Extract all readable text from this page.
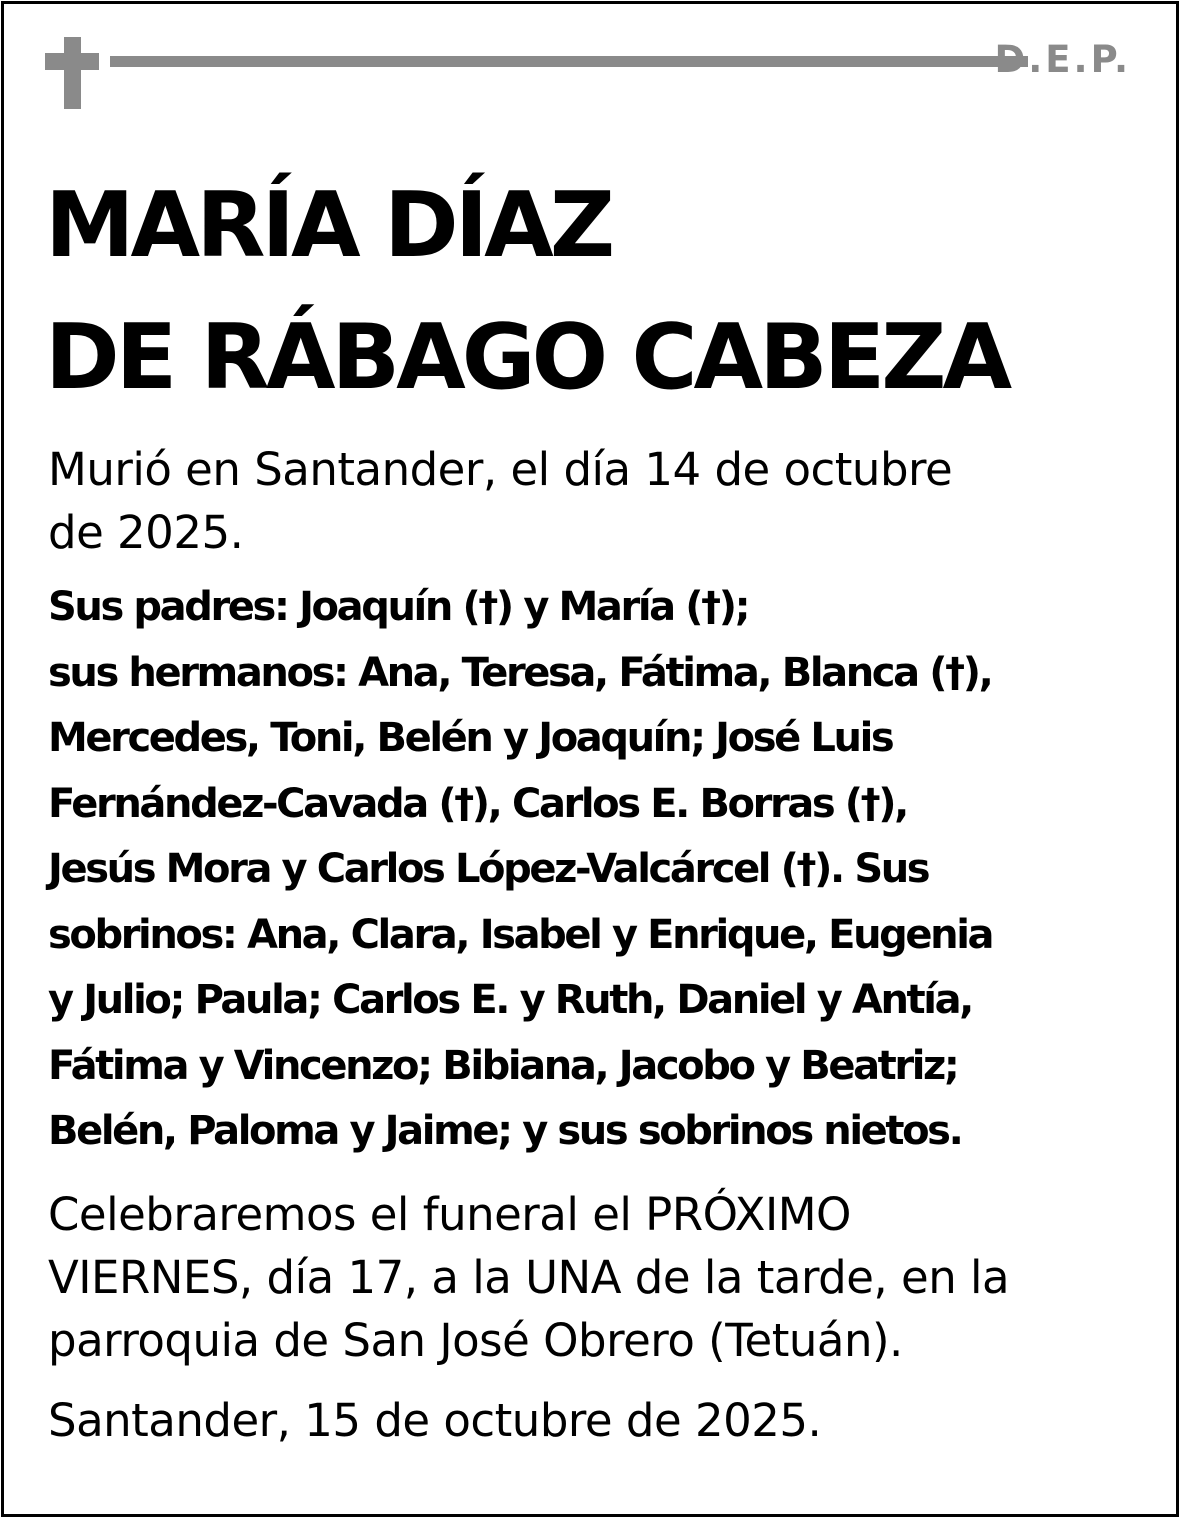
D.E.P.
MARÍA DÍAZ
DE RÁBAGO CABEZA
Murió en Santander, el día 14 de octubre
de 2025.
Sus padres: Joaquín (†) y María (†);
sus hermanos: Ana, Teresa, Fátima, Blanca (†),
Mercedes, Toni, Belén y Joaquín; José Luis
Fernández-Cavada (†), Carlos E. Borras (†),
Jesús Mora y Carlos López-Valcárcel (†). Sus
sobrinos: Ana, Clara, Isabel y Enrique, Eugenia
y Julio; Paula; Carlos E. y Ruth, Daniel y Antía,
Fátima y Vincenzo; Bibiana, Jacobo y Beatriz;
Belén, Paloma y Jaime; y sus sobrinos nietos.
Celebraremos el funeral el PRÓXIMO
VIERNES, día 17, a la UNA de la tarde, en la
parroquia de San José Obrero (Tetuán).
Santander, 15 de octubre de 2025.
